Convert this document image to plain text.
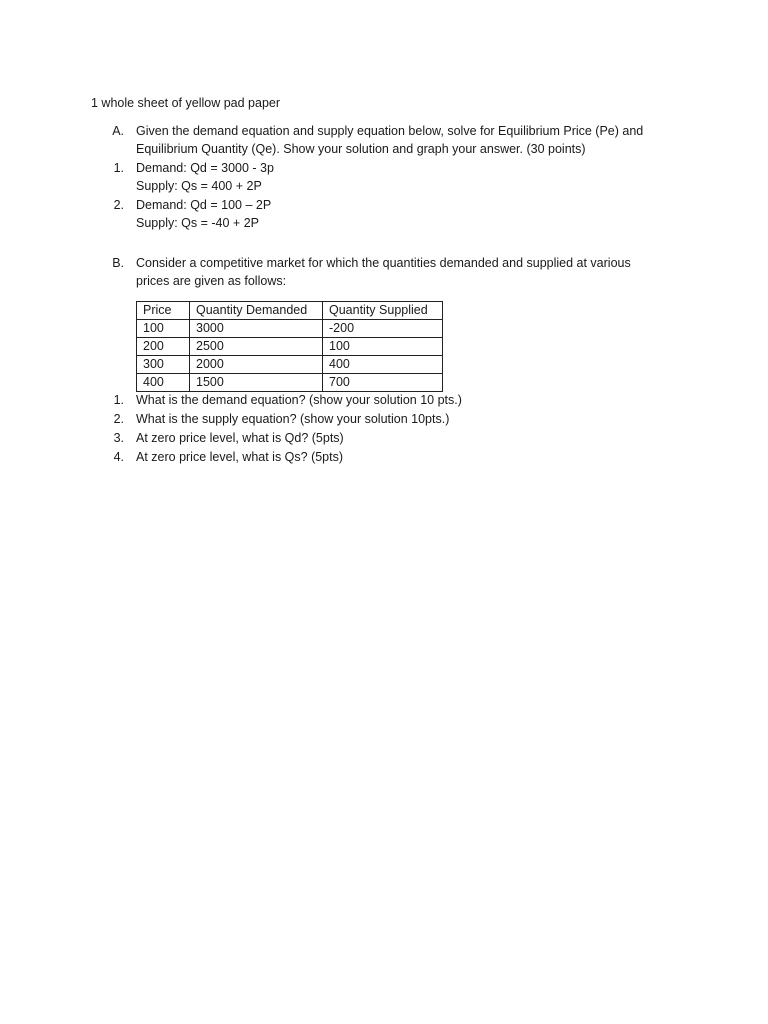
1 whole sheet of yellow pad paper
A. Given the demand equation and supply equation below, solve for Equilibrium Price (Pe) and
Equilibrium Quantity (Qe). Show your solution and graph your answer. (30 points)
1. Demand: Qd = 3000 - 3p
Supply: Qs = 400 + 2P
2. Demand: Qd = 100 – 2P
Supply: Qs = -40 + 2P
B. Consider a competitive market for which the quantities demanded and supplied at various
prices are given as follows:
Price	Quantity Demanded	Quantity Supplied
100	3000	-200
200	2500	100
300	2000	400
400	1500	700
1. What is the demand equation? (show your solution 10 pts.)
2. What is the supply equation? (show your solution 10pts.)
3. At zero price level, what is Qd? (5pts)
4. At zero price level, what is Qs? (5pts)
